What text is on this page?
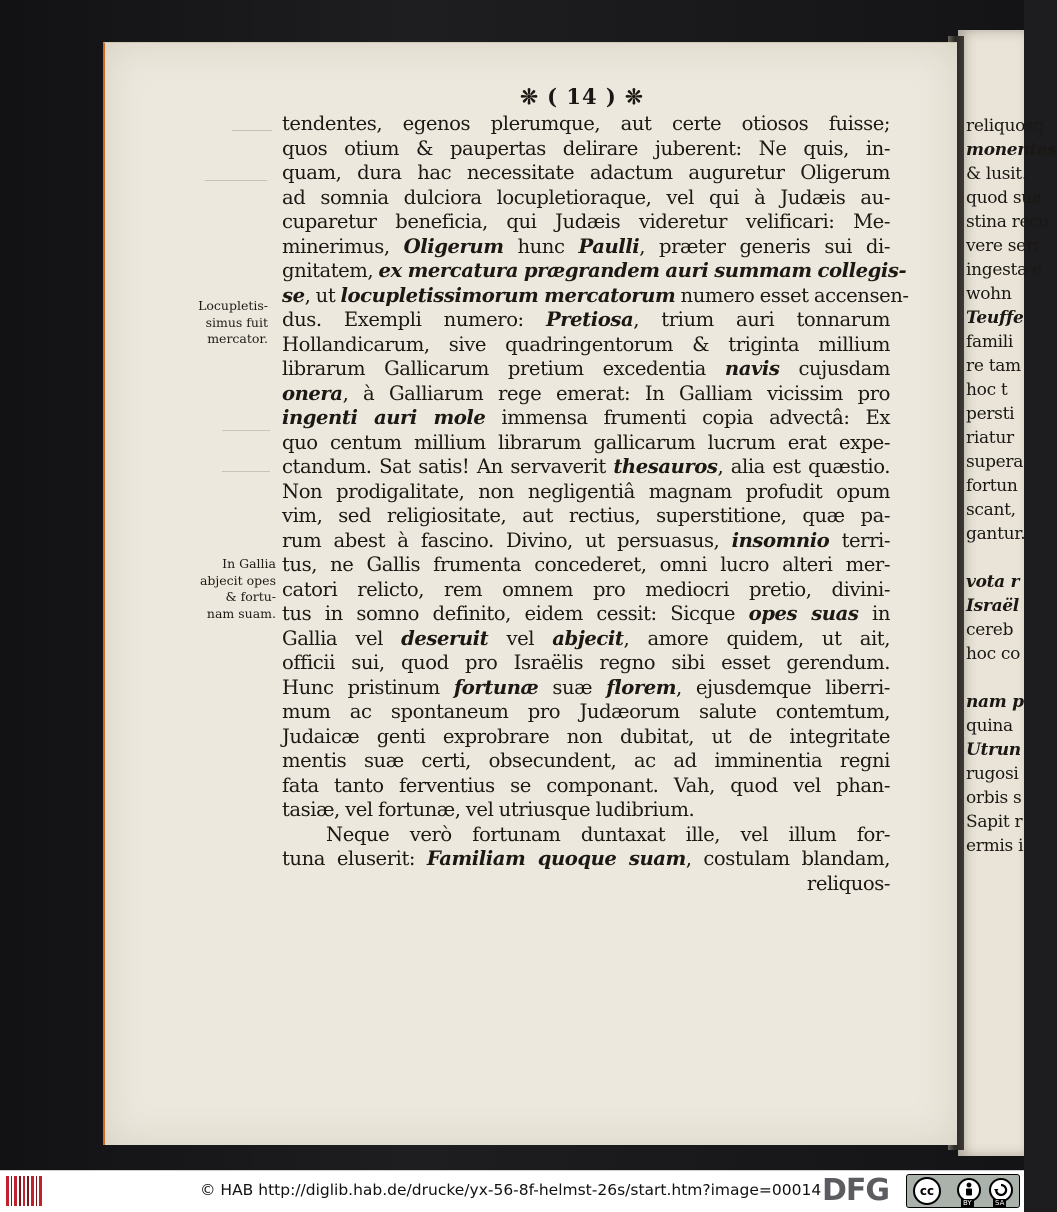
reliquosq
monentes
& lusit.
quod sua
stina recu
vere seri
ingesta e
wohn
Teuffe
famili
re tam
hoc t
persti
riatur
supera
fortun
scant,
gantur.

vota r
Israël
cereb
hoc co

nam p
quina
Utrun
rugosi
orbis s
Sapit r
ermis i
❊ ( 14 ) ❊
tendentes, egenos plerumque, aut certe otiosos fuisse;
quos otium & paupertas delirare juberent: Ne quis, in-
quam, dura hac necessitate adactum auguretur Oligerum
ad somnia dulciora locupletioraque, vel qui à Judæis au-
cuparetur beneficia, qui Judæis videretur velificari: Me-
minerimus, Oligerum hunc Paulli, præter generis sui di-
gnitatem, ex mercatura prægrandem auri summam collegis-
se, ut locupletissimorum mercatorum numero esset accensen-
dus. Exempli numero: Pretiosa, trium auri tonnarum
Hollandicarum, sive quadringentorum & triginta millium
librarum Gallicarum pretium excedentia navis cujusdam
onera, à Galliarum rege emerat: In Galliam vicissim pro
ingenti auri mole immensa frumenti copia advectâ: Ex
quo centum millium librarum gallicarum lucrum erat expe-
ctandum. Sat satis! An servaverit thesauros, alia est quæstio.
Non prodigalitate, non negligentiâ magnam profudit opum
vim, sed religiositate, aut rectius, superstitione, quæ pa-
rum abest à fascino. Divino, ut persuasus, insomnio terri-
tus, ne Gallis frumenta concederet, omni lucro alteri mer-
catori relicto, rem omnem pro mediocri pretio, divini-
tus in somno definito, eidem cessit: Sicque opes suas in
Gallia vel deseruit vel abjecit, amore quidem, ut ait,
officii sui, quod pro Israëlis regno sibi esset gerendum.
Hunc pristinum fortunæ suæ florem, ejusdemque liberri-
mum ac spontaneum pro Judæorum salute contemtum,
Judaicæ genti exprobrare non dubitat, ut de integritate
mentis suæ certi, obsecundent, ac ad imminentia regni
fata tanto ferventius se componant. Vah, quod vel phan-
tasiæ, vel fortunæ, vel utriusque ludibrium.
Neque verò fortunam duntaxat ille, vel illum for-
tuna eluserit: Familiam quoque suam, costulam blandam,
reliquos-
Locupletis-
simus fuit
mercator.
In Gallia
abjecit opes
& fortu-
nam suam.
© HAB http://diglib.hab.de/drucke/yx-56-8f-helmst-26s/start.htm?image=00014 DFG	cc
BY	SA
